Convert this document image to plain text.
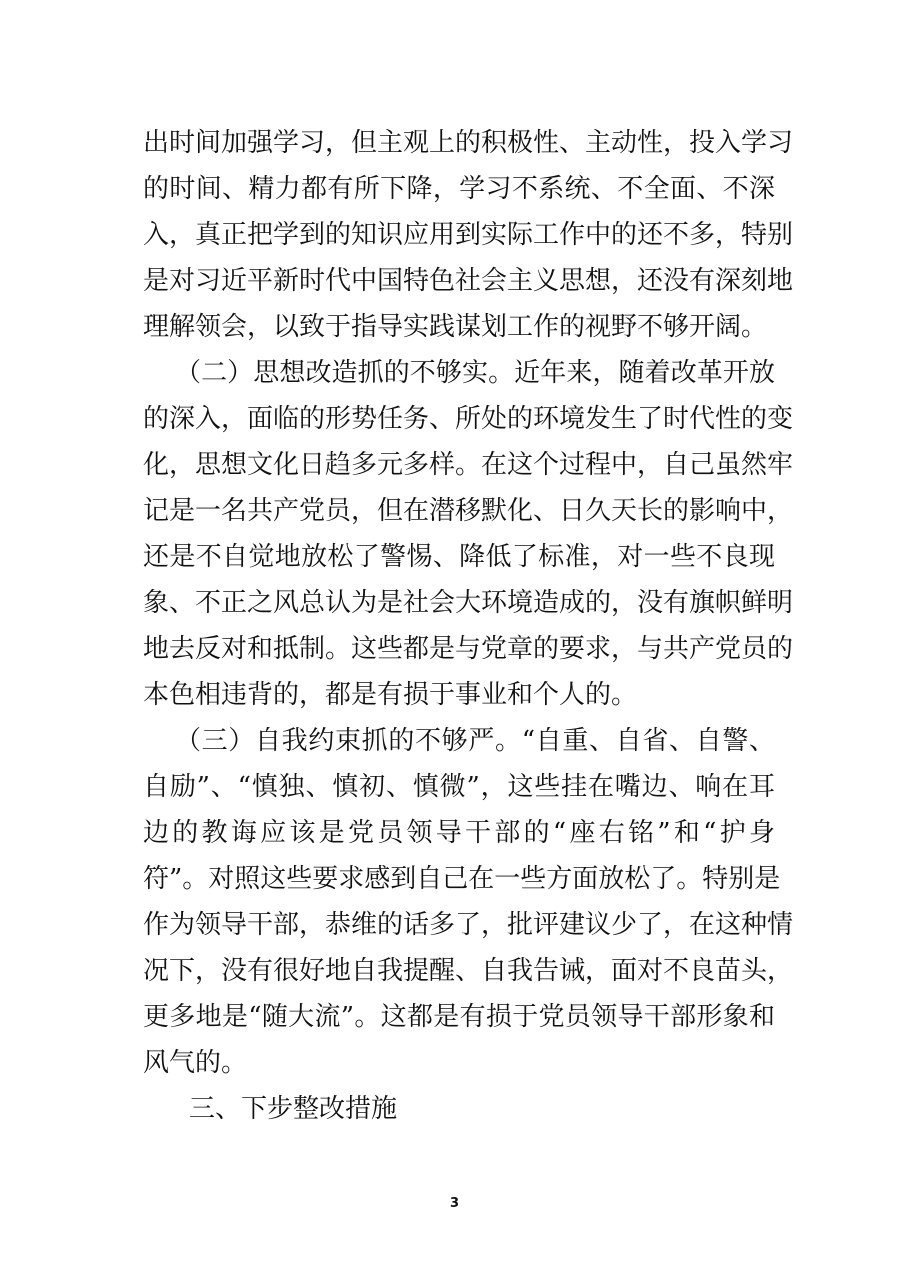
出时间加强学习，但主观上的积极性、主动性，投入学习
的时间、精力都有所下降，学习不系统、不全面、不深
入，真正把学到的知识应用到实际工作中的还不多，特别
是对习近平新时代中国特色社会主义思想，还没有深刻地
理解领会，以致于指导实践谋划工作的视野不够开阔。
（二）思想改造抓的不够实。近年来，随着改革开放
的深入，面临的形势任务、所处的环境发生了时代性的变
化，思想文化日趋多元多样。在这个过程中，自己虽然牢
记是一名共产党员，但在潜移默化、日久天长的影响中，
还是不自觉地放松了警惕、降低了标准，对一些不良现
象、不正之风总认为是社会大环境造成的，没有旗帜鲜明
地去反对和抵制。这些都是与党章的要求，与共产党员的
本色相违背的，都是有损于事业和个人的。
（三）自我约束抓的不够严。“自重、自省、自警、
自励”、“慎独、慎初、慎微”，这些挂在嘴边、响在耳
边的教诲应该是党员领导干部的“座右铭”和“护身
符”。对照这些要求感到自己在一些方面放松了。特别是
作为领导干部，恭维的话多了，批评建议少了，在这种情
况下，没有很好地自我提醒、自我告诫，面对不良苗头，
更多地是“随大流”。这都是有损于党员领导干部形象和
风气的。
三、下步整改措施
3
